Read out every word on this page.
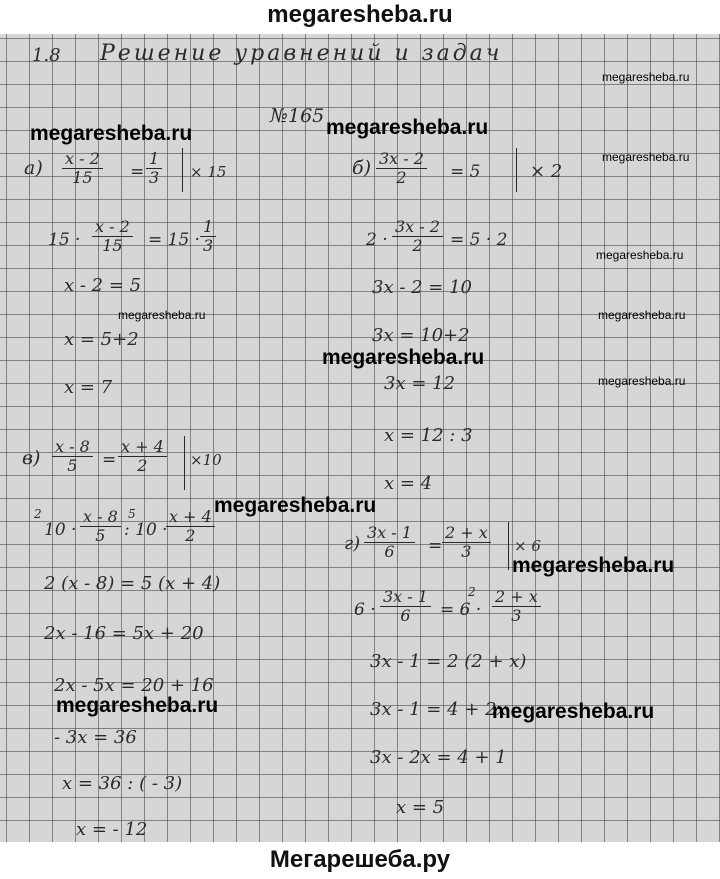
megaresheba.ru
1.8 Решение уравнений и задач
№165
$а) \frac{x - 2}{15} = \frac{1}{3} \times 15$
$15 \cdot \frac{x - 2}{15} = 15 \cdot \frac{1}{3}$
x - 2 = 5
x = 5+2
x = 7
$б) \frac{3x - 2}{2} = 5$	× 2
$2 \cdot \frac{3x - 2}{2} = 5 \cdot 2$
3x - 2 = 10
3x = 10+2
3x = 12
x = 12 : 3
x = 4
$в) \frac{x - 8}{5} = \frac{x + 4}{2} \times 10$
2
$10 \cdot \frac{x - 8}{5} 5$
: 10 ·
$\frac{x + 4}{2}$
2 (x - 8) = 5 (x + 4)
2x - 16 = 5x + 20
2x - 5x = 20 + 16
- 3x = 36
x = 36 : ( - 3)
x = - 12
$г) \frac{3x - 1}{6} = \frac{2 + x}{3} \times 6$
$6 \cdot \frac{3x - 1}{6} = 6$ ·
$2 \frac{2 + x}{3}$
3x - 1 = 2 (2 + x)
3x - 1 = 4 + 2x
3x - 2x = 4 + 1
x = 5
megaresheba.ru
megaresheba.ru	megaresheba.ru
megaresheba.ru
megaresheba.ru
megaresheba.ru	megaresheba.ru
megaresheba.ru
megaresheba.ru
megaresheba.ru
megaresheba.ru
megaresheba.ru	megaresheba.ru
Мегарешеба.ру
